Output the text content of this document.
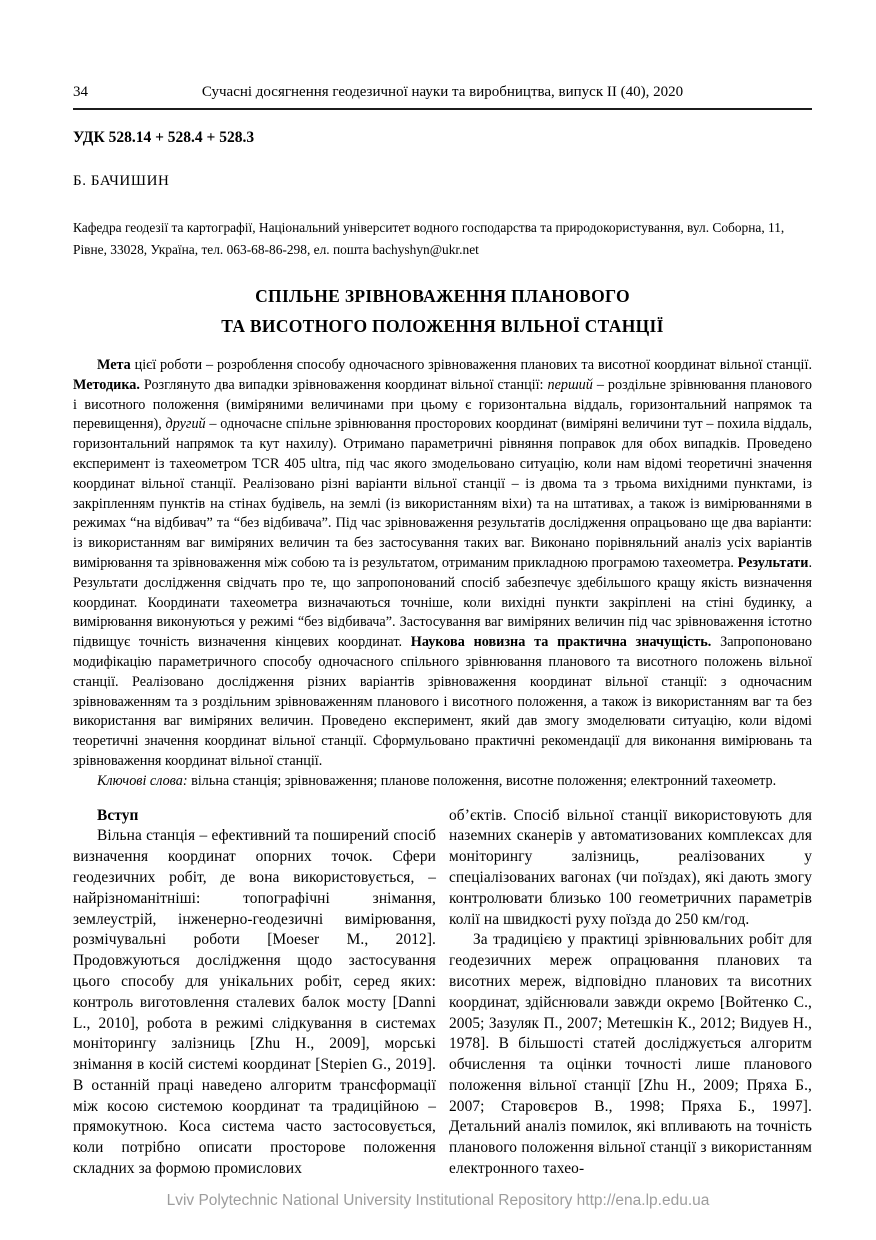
34	Сучасні досягнення геодезичної науки та виробництва, випуск ІІ (40), 2020
УДК 528.14 + 528.4 + 528.3
Б. БАЧИШИН
Кафедра геодезії та картографії, Національний університет водного господарства та природокористування, вул. Соборна, 11, Рівне, 33028, Україна, тел. 063-68-86-298, ел. пошта bachyshyn@ukr.net
СПІЛЬНЕ ЗРІВНОВАЖЕННЯ ПЛАНОВОГО
ТА ВИСОТНОГО ПОЛОЖЕННЯ ВІЛЬНОЇ СТАНЦІЇ

Мета цієї роботи – розроблення способу одночасного зрівноваження планових та висотної координат вільної станції. Методика. Розглянуто два випадки зрівноваження координат вільної станції: перший – роздільне зрівнювання планового і висотного положення (виміряними величинами при цьому є горизонтальна віддаль, горизонтальний напрямок та перевищення), другий – одночасне спільне зрівнювання просторових координат (виміряні величини тут – похила віддаль, горизонтальний напрямок та кут нахилу). Отримано параметричні рівняння поправок для обох випадків. Проведено експеримент із тахеометром TCR 405 ultra, під час якого змодельовано ситуацію, коли нам відомі теоретичні значення координат вільної станції. Реалізовано різні варіанти вільної станції – із двома та з трьома вихідними пунктами, із закріпленням пунктів на стінах будівель, на землі (із використанням віхи) та на штативах, а також із вимірюваннями в режимах “на відбивач” та “без відбивача”. Під час зрівноваження результатів дослідження опрацьовано ще два варіанти: із використанням ваг виміряних величин та без застосування таких ваг. Виконано порівняльний аналіз усіх варіантів вимірювання та зрівноваження між собою та із результатом, отриманим прикладною програмою тахеометра. Результати. Результати дослідження свідчать про те, що запропонований спосіб забезпечує здебільшого кращу якість визначення координат. Координати тахеометра визначаються точніше, коли вихідні пункти закріплені на стіні будинку, а вимірювання виконуються у режимі “без відбивача”. Застосування ваг виміряних величин під час зрівноваження істотно підвищує точність визначення кінцевих координат. Наукова новизна та практична значущість. Запропоновано модифікацію параметричного способу одночасного спільного зрівнювання планового та висотного положень вільної станції. Реалізовано дослідження різних варіантів зрівноваження координат вільної станції: з одночасним зрівноваженням та з роздільним зрівноваженням планового і висотного положення, а також із використанням ваг та без використання ваг виміряних величин. Проведено експеримент, який дав змогу змоделювати ситуацію, коли відомі теоретичні значення координат вільної станції. Сформульовано практичні рекомендації для виконання вимірювань та зрівноваження координат вільної станції.

Ключові слова: вільна станція; зрівноваження; планове положення, висотне положення; електронний тахеометр.

Вступ

Вільна станція – ефективний та поширений спосіб визначення координат опорних точок. Сфери геодезичних робіт, де вона використовується, – найрізноманітніші: топографічні знімання, землеустрій, інженерно-геодезичні вимірювання, розмічувальні роботи [Moeser M., 2012]. Продовжуються дослідження щодо застосування цього способу для унікальних робіт, серед яких: контроль виготовлення сталевих балок мосту [Danni L., 2010], робота в режимі слідкування в системах моніторингу залізниць [Zhu H., 2009], морські знімання в косій системі координат [Stepien G., 2019]. В останній праці наведено алгоритм трансформації між косою системою координат та традиційною – прямокутною. Коса система часто застосовується, коли потрібно описати просторове положення складних за формою промислових

об’єктів. Спосіб вільної станції використовують для наземних сканерів у автоматизованих комплексах для моніторингу залізниць, реалізованих у спеціалізованих вагонах (чи поїздах), які дають змогу контролювати близько 100 геометричних параметрів колії на швидкості руху поїзда до 250 км/год.

За традицією у практиці зрівнювальних робіт для геодезичних мереж опрацювання планових та висотних мереж, відповідно планових та висотних координат, здійснювали завжди окремо [Войтенко С., 2005; Зазуляк П., 2007; Метешкін К., 2012; Видуев Н., 1978]. В більшості статей досліджується алгоритм обчислення та оцінки точності лише планового положення вільної станції [Zhu H., 2009; Пряха Б., 2007; Старовєров В., 1998; Пряха Б., 1997]. Детальний аналіз помилок, які впливають на точність планового положення вільної станції з використанням електронного тахео-

Lviv Polytechnic National University Institutional Repository http://ena.lp.edu.ua
